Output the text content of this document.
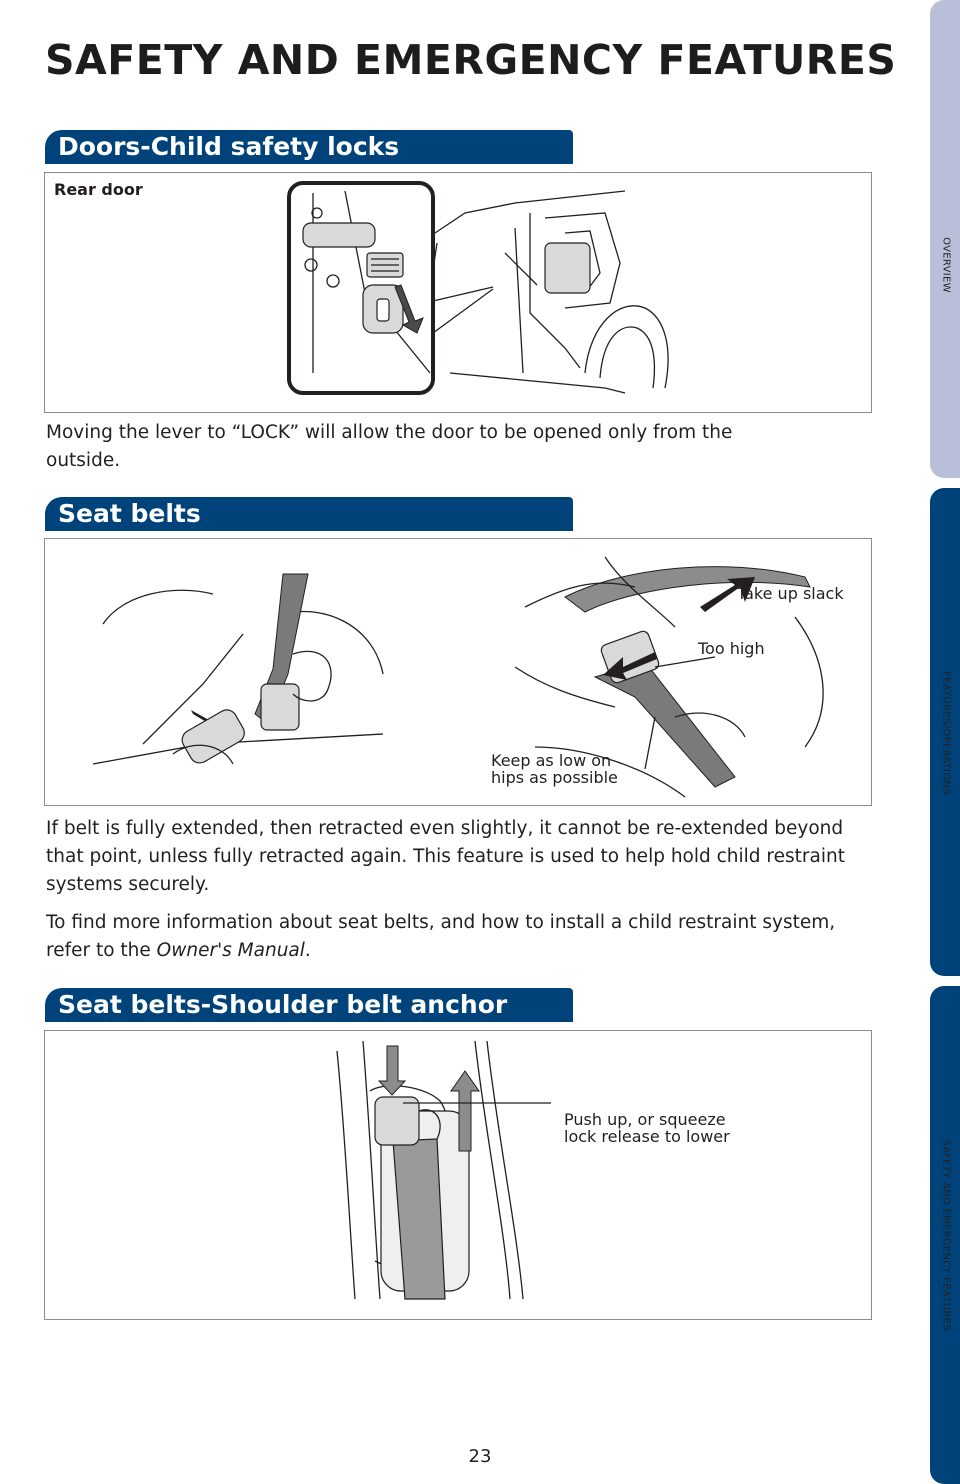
SAFETY AND EMERGENCY FEATURES
OVERVIEW
FEATURES/OPERATIONS
SAFETY AND EMERGENCY FEATURES
Doors-Child safety locks
Rear door

Moving the lever to “LOCK” will allow the door to be opened only from the outside.

Seat belts
Take up slack
Too high
Keep as low on
hips as possible

If belt is fully extended, then retracted even slightly, it cannot be re-extended beyond that point, unless fully retracted again. This feature is used to help hold child restraint systems securely.

To find more information about seat belts, and how to install a child restraint system, refer to the Owner's Manual.

Seat belts-Shoulder belt anchor
Push up, or squeeze
lock release to lower
23
